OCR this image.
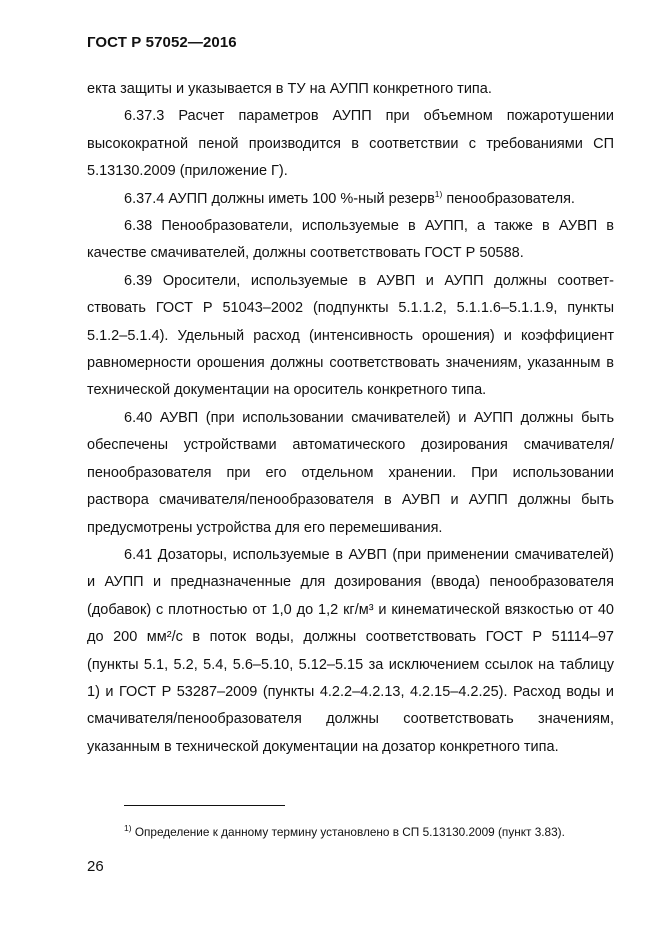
ГОСТ Р 57052—2016

екта защиты и указывается в ТУ на АУПП конкретного типа.

6.37.3 Расчет параметров АУПП при объемном пожаротушении высокократной пеной производится в соответствии с требованиями СП 5.13130.2009 (приложение Г).

6.37.4 АУПП должны иметь 100 %-ный резерв$^{1)}$ пенообразователя.

6.38 Пенообразователи, используемые в АУПП, а также в АУВП в качестве смачивателей, должны соответствовать ГОСТ Р 50588.

6.39 Оросители, используемые в АУВП и АУПП должны соответствовать ГОСТ Р 51043–2002 (подпункты 5.1.1.2, 5.1.1.6–5.1.1.9, пункты 5.1.2–5.1.4). Удельный расход (интенсивность орошения) и коэффициент равномерности орошения должны соответствовать значениям, указанным в технической документации на ороситель конкретного типа.

6.40 АУВП (при использовании смачивателей) и АУПП должны быть обеспечены устройствами автоматического дозирования смачивателя/пенообразователя при его отдельном хранении. При использовании раствора смачивателя/пенообразователя в АУВП и АУПП должны быть предусмотрены устройства для его перемешивания.

6.41 Дозаторы, используемые в АУВП (при применении смачивателей) и АУПП и предназначенные для дозирования (ввода) пенообразователя (добавок) с плотностью от 1,0 до 1,2 кг/м³ и кинематической вязкостью от 40 до 200 мм²/с в поток воды, должны соответствовать ГОСТ Р 51114–97 (пункты 5.1, 5.2, 5.4, 5.6–5.10, 5.12–5.15 за исключением ссылок на таблицу 1) и ГОСТ Р 53287–2009 (пункты 4.2.2–4.2.13, 4.2.15–4.2.25). Расход воды и смачивателя/пенообразователя должны соответствовать значениям, указанным в технической документации на дозатор конкретного типа.

$^{1)}$ Определение к данному термину установлено в СП 5.13130.2009 (пункт 3.83).

26
